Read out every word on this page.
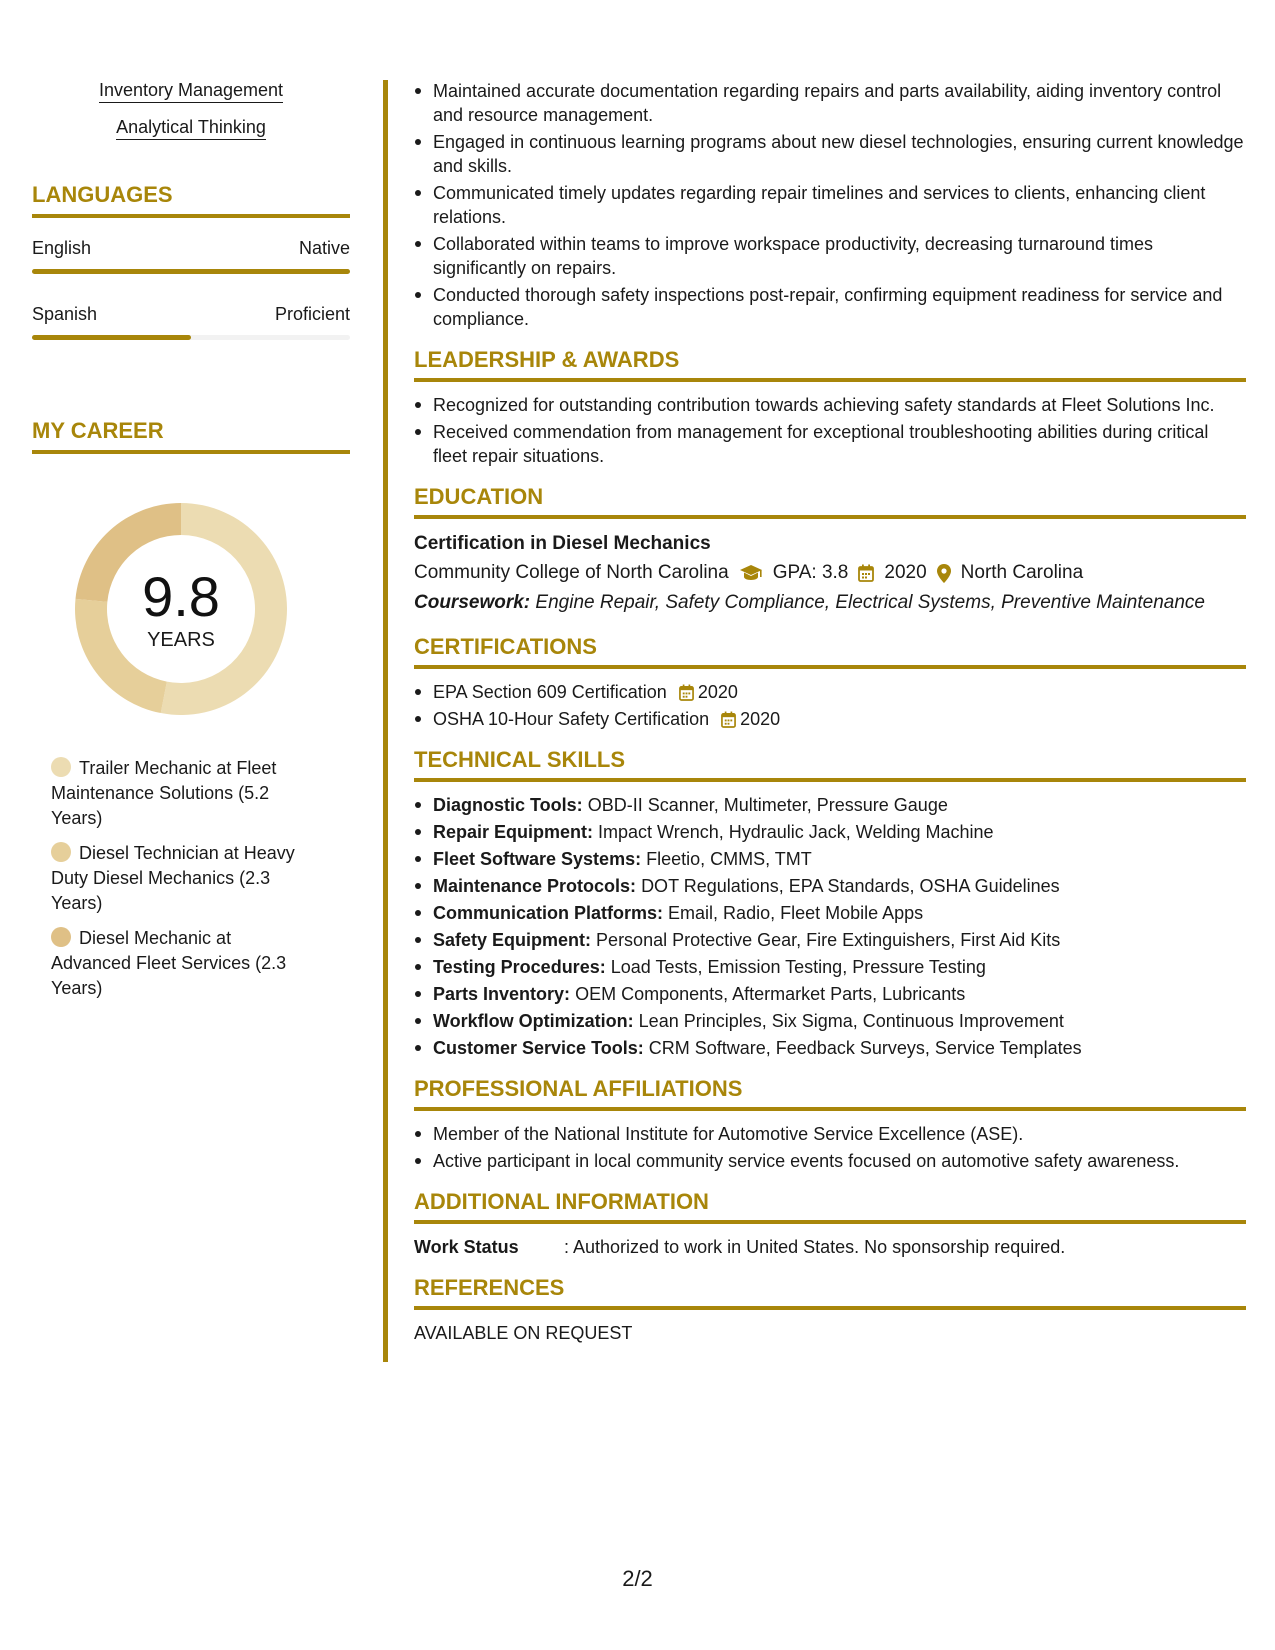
Inventory Management
Analytical Thinking
LANGUAGES
English	Native
Spanish	Proficient
MY CAREER
9.8
YEARS
Trailer Mechanic at Fleet Maintenance Solutions (5.2 Years)
Diesel Technician at Heavy Duty Diesel Mechanics (2.3 Years)
Diesel Mechanic at Advanced Fleet Services (2.3 Years)
Maintained accurate documentation regarding repairs and parts availability, aiding inventory control and resource management.
Engaged in continuous learning programs about new diesel technologies, ensuring current knowledge and skills.
Communicated timely updates regarding repair timelines and services to clients, enhancing client relations.
Collaborated within teams to improve workspace productivity, decreasing turnaround times significantly on repairs.
Conducted thorough safety inspections post-repair, confirming equipment readiness for service and compliance.
LEADERSHIP & AWARDS
Recognized for outstanding contribution towards achieving safety standards at Fleet Solutions Inc.
Received commendation from management for exceptional troubleshooting abilities during critical fleet repair situations.
EDUCATION
Certification in Diesel Mechanics
Community College of North Carolina GPA: 3.8 2020 North Carolina
Coursework: Engine Repair, Safety Compliance, Electrical Systems, Preventive Maintenance
CERTIFICATIONS
EPA Section 609 Certification 2020
OSHA 10-Hour Safety Certification 2020
TECHNICAL SKILLS
Diagnostic Tools: OBD-II Scanner, Multimeter, Pressure Gauge
Repair Equipment: Impact Wrench, Hydraulic Jack, Welding Machine
Fleet Software Systems: Fleetio, CMMS, TMT
Maintenance Protocols: DOT Regulations, EPA Standards, OSHA Guidelines
Communication Platforms: Email, Radio, Fleet Mobile Apps
Safety Equipment: Personal Protective Gear, Fire Extinguishers, First Aid Kits
Testing Procedures: Load Tests, Emission Testing, Pressure Testing
Parts Inventory: OEM Components, Aftermarket Parts, Lubricants
Workflow Optimization: Lean Principles, Six Sigma, Continuous Improvement
Customer Service Tools: CRM Software, Feedback Surveys, Service Templates
PROFESSIONAL AFFILIATIONS
Member of the National Institute for Automotive Service Excellence (ASE).
Active participant in local community service events focused on automotive safety awareness.
ADDITIONAL INFORMATION
Work Status	: Authorized to work in United States. No sponsorship required.
REFERENCES
AVAILABLE ON REQUEST
2/2
